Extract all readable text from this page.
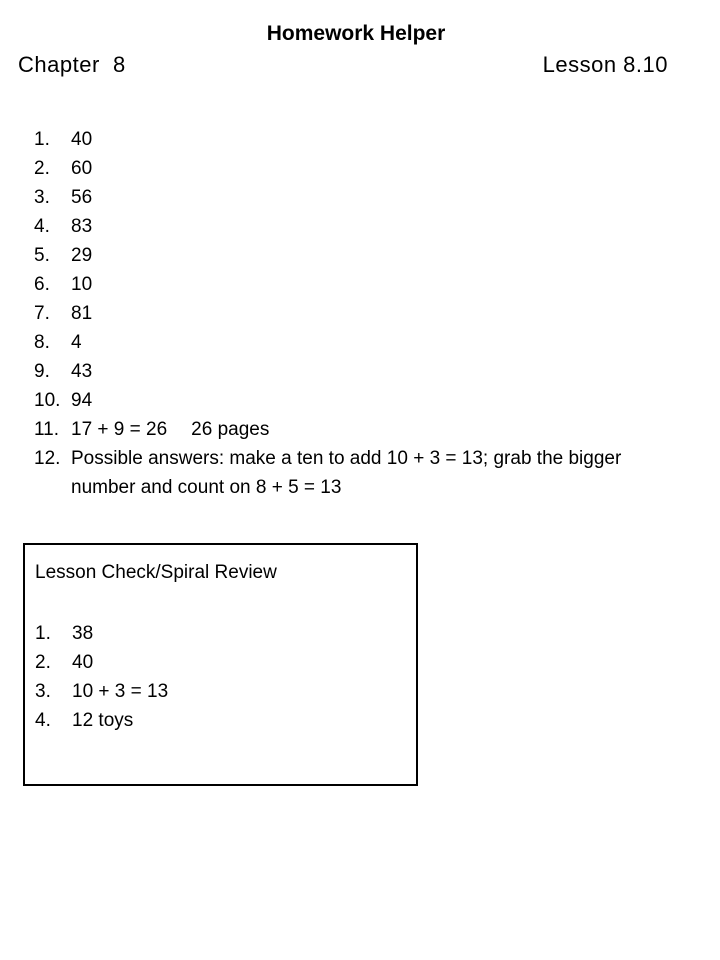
Homework Helper
Chapter  8	Lesson 8.10
1. 40
2. 60
3. 56
4. 83
5. 29
6. 10
7. 81
8. 4
9. 43
10. 94
11. 17 + 9 = 26 26 pages
12. Possible answers: make a ten to add 10 + 3 = 13; grab the bigger number and count on 8 + 5 = 13
Lesson Check/Spiral Review
1. 38
2. 40
3. 10 + 3 = 13
4. 12 toys
